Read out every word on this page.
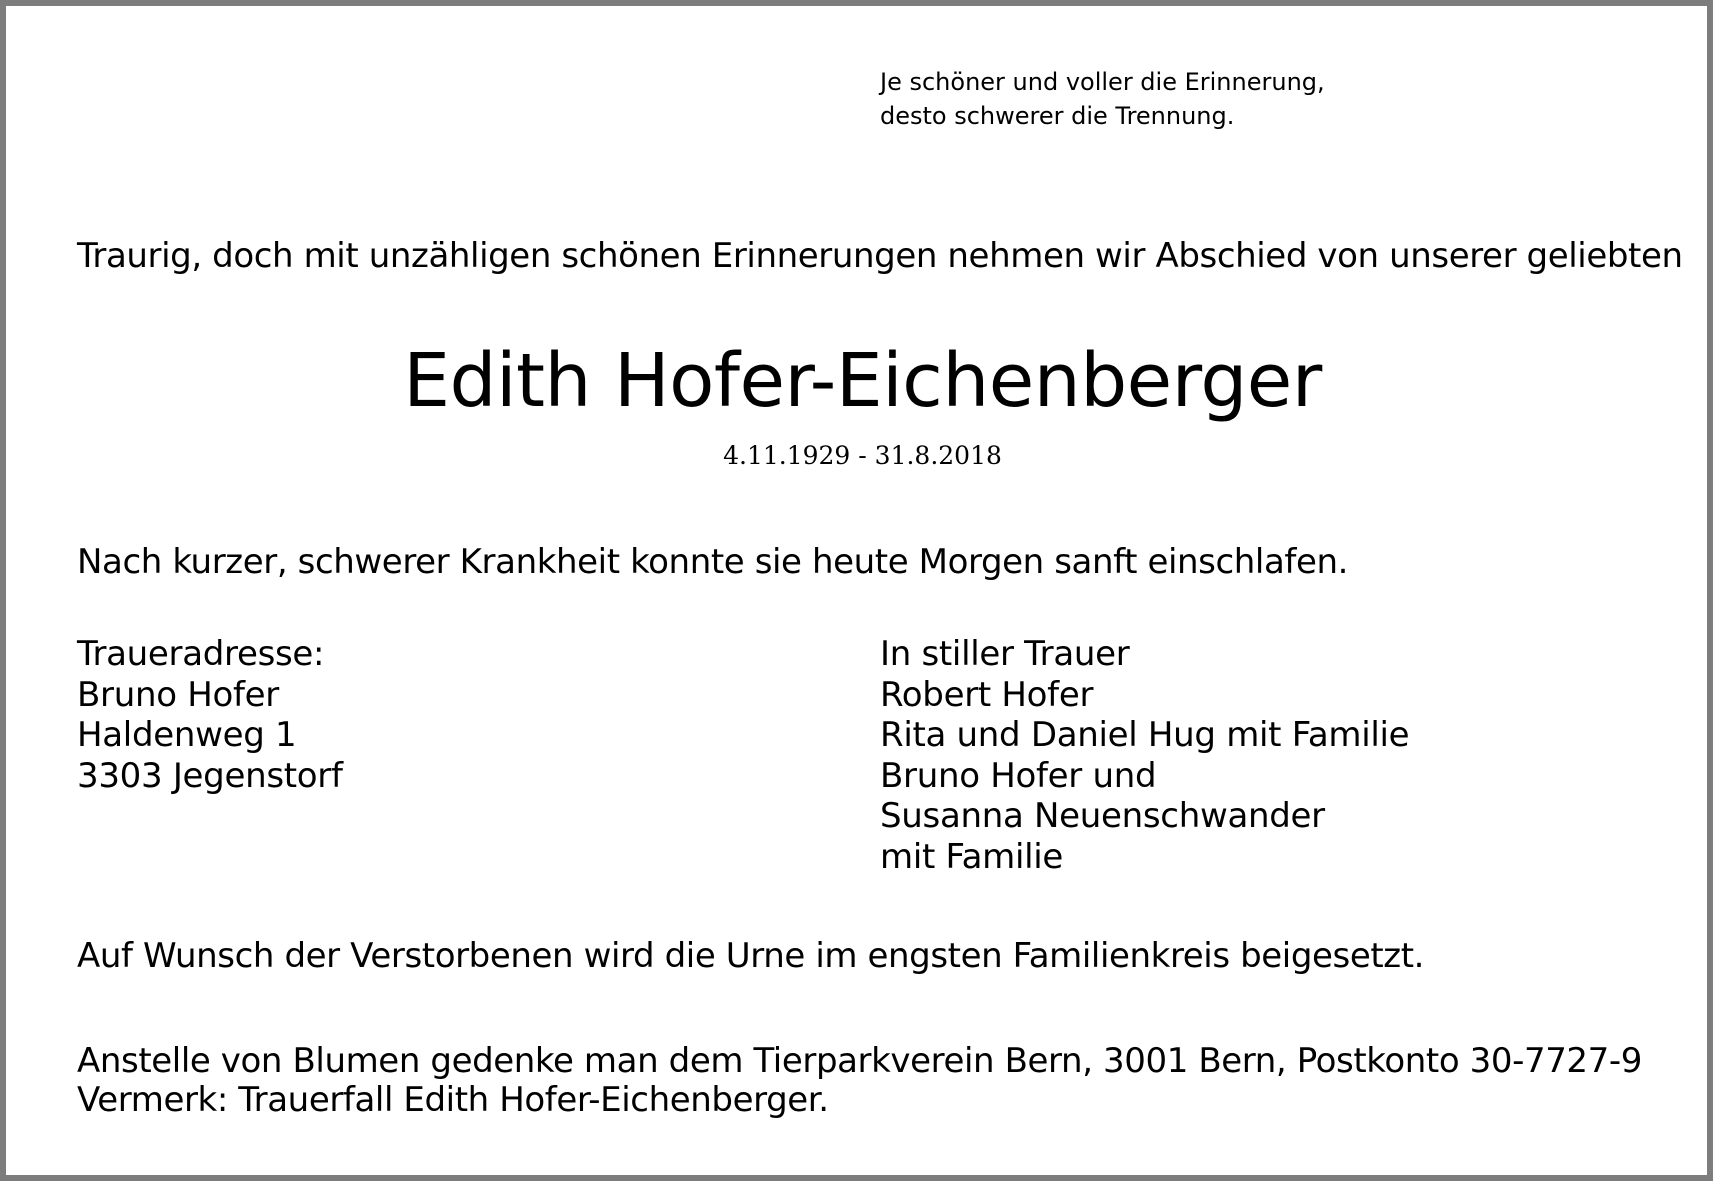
Je schöner und voller die Erinnerung,
desto schwerer die Trennung.
Traurig, doch mit unzähligen schönen Erinnerungen nehmen wir Abschied von unserer geliebten
Edith Hofer-Eichenberger
4.11.1929 - 31.8.2018
Nach kurzer, schwerer Krankheit konnte sie heute Morgen sanft einschlafen.
Traueradresse:
Bruno Hofer
Haldenweg 1
3303 Jegenstorf
In stiller Trauer
Robert Hofer
Rita und Daniel Hug mit Familie
Bruno Hofer und
Susanna Neuenschwander
mit Familie
Auf Wunsch der Verstorbenen wird die Urne im engsten Familienkreis beigesetzt.
Anstelle von Blumen gedenke man dem Tierparkverein Bern, 3001 Bern, Postkonto 30-7727-9
Vermerk: Trauerfall Edith Hofer-Eichenberger.
